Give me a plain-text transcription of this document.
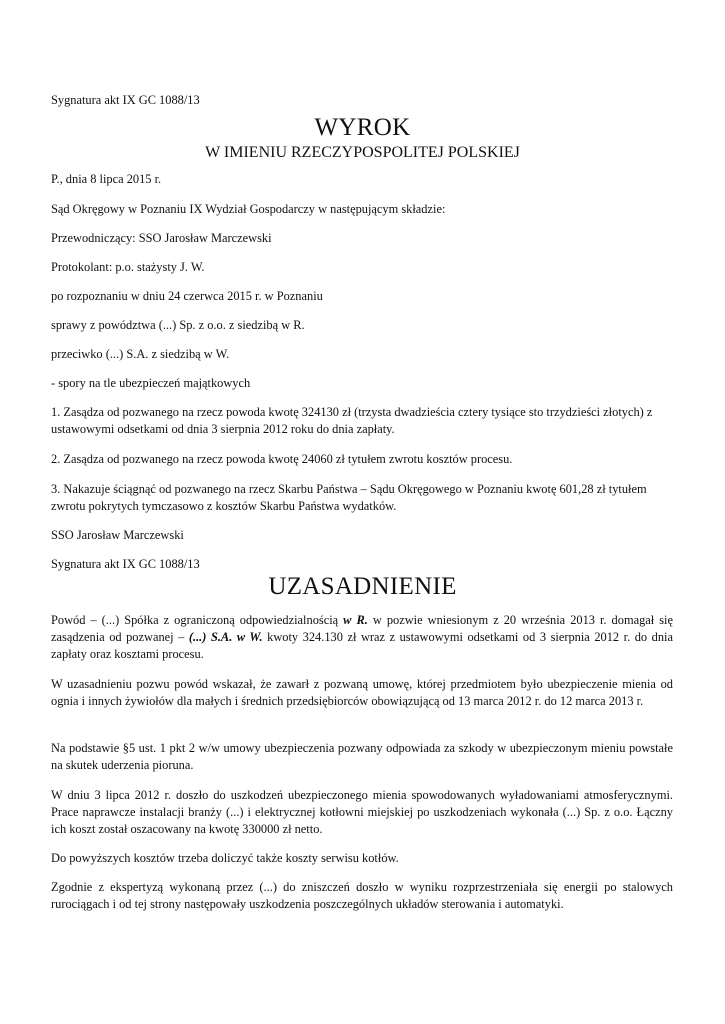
Sygnatura akt IX GC 1088/13
WYROK
W IMIENIU RZECZYPOSPOLITEJ POLSKIEJ
P., dnia 8 lipca 2015 r.
Sąd Okręgowy w Poznaniu IX Wydział Gospodarczy w następującym składzie:
Przewodniczący: SSO Jarosław Marczewski
Protokolant: p.o. stażysty J. W.
po rozpoznaniu w dniu 24 czerwca 2015 r. w Poznaniu
sprawy z powództwa (...) Sp. z o.o. z siedzibą w R.
przeciwko (...) S.A. z siedzibą w W.
- spory na tle ubezpieczeń majątkowych
1. Zasądza od pozwanego na rzecz powoda kwotę 324130 zł (trzysta dwadzieścia cztery tysiące sto trzydzieści złotych) z ustawowymi odsetkami od dnia 3 sierpnia 2012 roku do dnia zapłaty.
2. Zasądza od pozwanego na rzecz powoda kwotę 24060 zł tytułem zwrotu kosztów procesu.
3. Nakazuje ściągnąć od pozwanego na rzecz Skarbu Państwa – Sądu Okręgowego w Poznaniu kwotę 601,28 zł tytułem zwrotu pokrytych tymczasowo z kosztów Skarbu Państwa wydatków.
SSO Jarosław Marczewski
Sygnatura akt IX GC 1088/13
UZASADNIENIE
Powód – (...) Spółka z ograniczoną odpowiedzialnością w R. w pozwie wniesionym z 20 września 2013 r. domagał się zasądzenia od pozwanej – (...) S.A. w W. kwoty 324.130 zł wraz z ustawowymi odsetkami od 3 sierpnia 2012 r. do dnia zapłaty oraz kosztami procesu.
W uzasadnieniu pozwu powód wskazał, że zawarł z pozwaną umowę, której przedmiotem było ubezpieczenie mienia od ognia i innych żywiołów dla małych i średnich przedsiębiorców obowiązującą od 13 marca 2012 r. do 12 marca 2013 r.
Na podstawie §5 ust. 1 pkt 2 w/w umowy ubezpieczenia pozwany odpowiada za szkody w ubezpieczonym mieniu powstałe na skutek uderzenia pioruna.
W dniu 3 lipca 2012 r. doszło do uszkodzeń ubezpieczonego mienia spowodowanych wyładowaniami atmosferycznymi. Prace naprawcze instalacji branży (...) i elektrycznej kotłowni miejskiej po uszkodzeniach wykonała (...) Sp. z o.o. Łączny ich koszt został oszacowany na kwotę 330000 zł netto.
Do powyższych kosztów trzeba doliczyć także koszty serwisu kotłów.
Zgodnie z ekspertyzą wykonaną przez (...) do zniszczeń doszło w wyniku rozprzestrzeniała się energii po stalowych rurociągach i od tej strony następowały uszkodzenia poszczególnych układów sterowania i automatyki.
